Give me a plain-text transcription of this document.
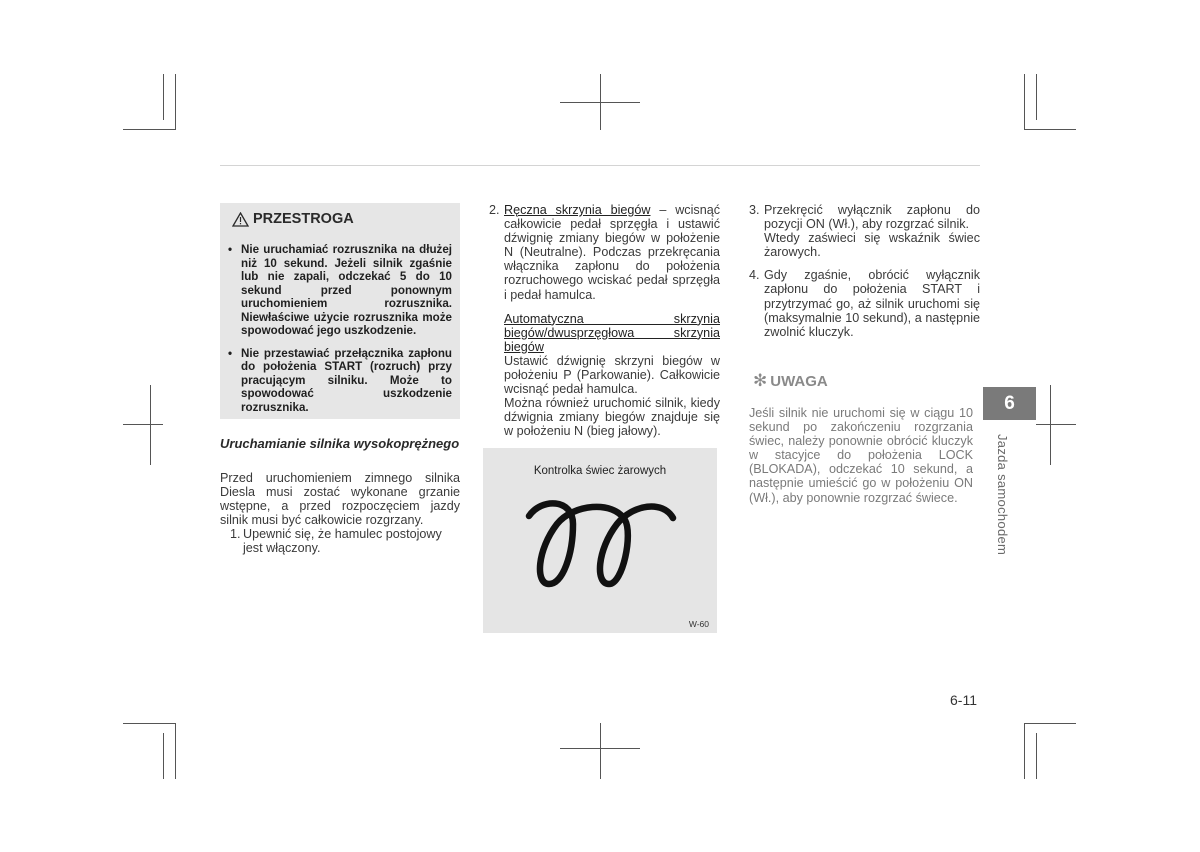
PRZESTROGA
• Nie uruchamiać rozrusznika na dłużej niż 10 sekund. Jeżeli silnik zgaśnie lub nie zapali, odczekać 5 do 10 sekund przed ponownym uruchomieniem rozrusznika. Niewłaściwe użycie rozrusznika może spowodować jego uszkodzenie.
• Nie przestawiać przełącznika zapłonu do położenia START (rozruch) przy pracującym silniku. Może to spowodować uszkodzenie rozrusznika.
Uruchamianie silnika wysokoprężnego
Przed uruchomieniem zimnego silnika Diesla musi zostać wykonane grzanie wstępne, a przed rozpoczęciem jazdy silnik musi być całkowicie rozgrzany.
1. Upewnić się, że hamulec postojowy jest włączony.
2. Ręczna skrzynia biegów – wcisnąć całkowicie pedał sprzęgła i ustawić dźwignię zmiany biegów w położenie N (Neutralne). Podczas przekręcania włącznika zapłonu do położenia rozruchowego wciskać pedał sprzęgła i pedał hamulca.
Automatyczna skrzynia biegów/dwusprzęgłowa skrzynia biegów
Ustawić dźwignię skrzyni biegów w położeniu P (Parkowanie). Całkowicie wcisnąć pedał hamulca.
Można również uruchomić silnik, kiedy dźwignia zmiany biegów znajduje się w położeniu N (bieg jałowy).
Kontrolka świec żarowych
W-60
3. Przekręcić wyłącznik zapłonu do pozycji ON (Wł.), aby rozgrzać silnik.
Wtedy zaświeci się wskaźnik świec żarowych.
4. Gdy zgaśnie, obrócić wyłącznik zapłonu do położenia START i przytrzymać go, aż silnik uruchomi się (maksymalnie 10 sekund), a następnie zwolnić kluczyk.
✻ UWAGA
Jeśli silnik nie uruchomi się w ciągu 10 sekund po zakończeniu rozgrzania świec, należy ponownie obrócić kluczyk w stacyjce do położenia LOCK (BLOKADA), odczekać 10 sekund, a następnie umieścić go w położeniu ON (Wł.), aby ponownie rozgrzać świece.
6
Jazda samochodem
6-11
